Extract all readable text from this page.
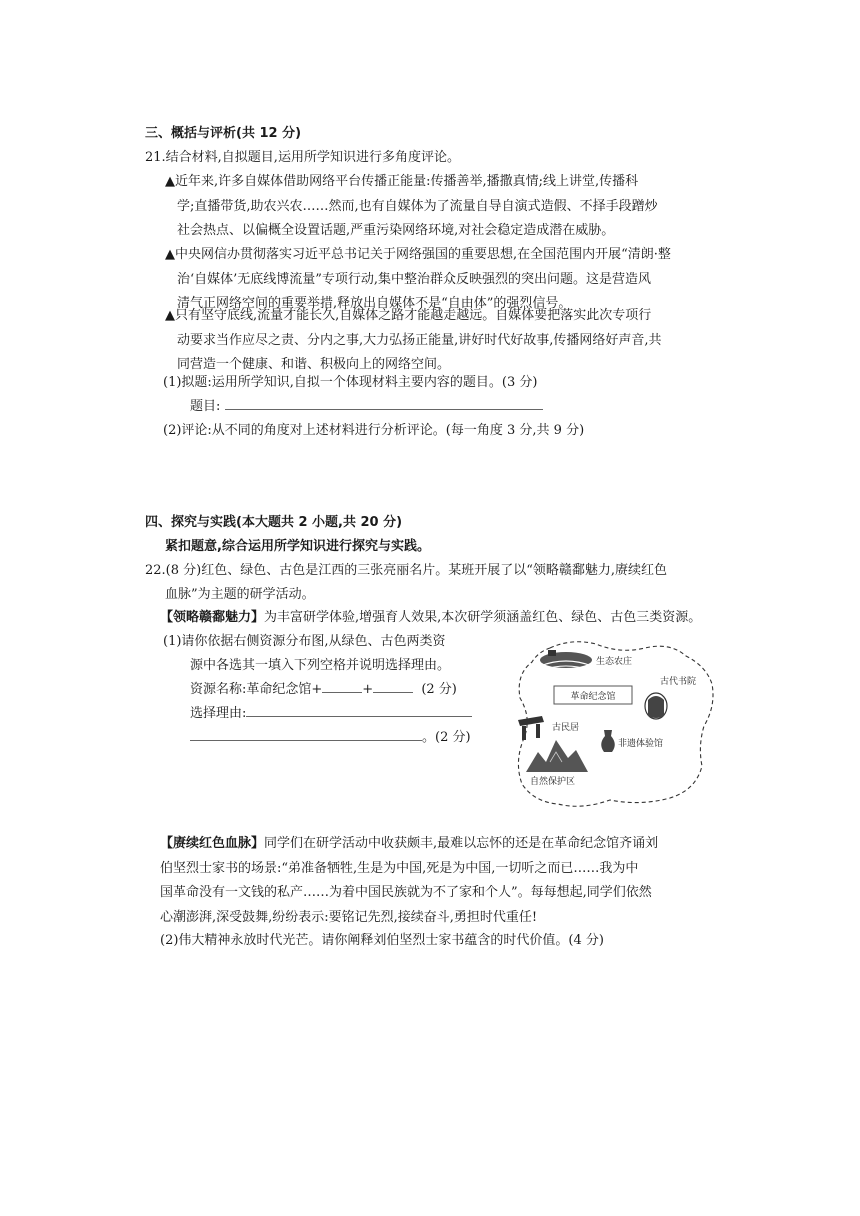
三、概括与评析(共 12 分)
21.结合材料,自拟题目,运用所学知识进行多角度评论。
▲近年来,许多自媒体借助网络平台传播正能量:传播善举,播撒真情;线上讲堂,传播科
学;直播带货,助农兴农……然而,也有自媒体为了流量自导自演式造假、不择手段蹭炒
社会热点、以偏概全设置话题,严重污染网络环境,对社会稳定造成潜在威胁。
▲中央网信办贯彻落实习近平总书记关于网络强国的重要思想,在全国范围内开展“清朗·整
治‘自媒体’无底线博流量”专项行动,集中整治群众反映强烈的突出问题。这是营造风
清气正网络空间的重要举措,释放出自媒体不是“自由体”的强烈信号。
▲只有坚守底线,流量才能长久,自媒体之路才能越走越远。自媒体要把落实此次专项行
动要求当作应尽之责、分内之事,大力弘扬正能量,讲好时代好故事,传播网络好声音,共
同营造一个健康、和谐、积极向上的网络空间。
(1)拟题:运用所学知识,自拟一个体现材料主要内容的题目。(3 分)
题目:
(2)评论:从不同的角度对上述材料进行分析评论。(每一角度 3 分,共 9 分)
四、探究与实践(本大题共 2 小题,共 20 分)
紧扣题意,综合运用所学知识进行探究与实践。
22.(8 分)红色、绿色、古色是江西的三张亮丽名片。某班开展了以“领略赣鄱魅力,赓续红色
血脉”为主题的研学活动。
【领略赣鄱魅力】为丰富研学体验,增强育人效果,本次研学须涵盖红色、绿色、古色三类资源。
(1)请你依据右侧资源分布图,从绿色、古色两类资
源中各选其一填入下列空格并说明选择理由。
资源名称:革命纪念馆+	+	(2 分)
选择理由:
。(2 分)
生态农庄
古代书院
革命纪念馆
古民居
非遗体验馆
自然保护区
【赓续红色血脉】同学们在研学活动中收获颇丰,最难以忘怀的还是在革命纪念馆齐诵刘
伯坚烈士家书的场景:“弟准备牺牲,生是为中国,死是为中国,一切听之而已……我为中
国革命没有一文钱的私产……为着中国民族就为不了家和个人”。每每想起,同学们依然
心潮澎湃,深受鼓舞,纷纷表示:要铭记先烈,接续奋斗,勇担时代重任!
(2)伟大精神永放时代光芒。请你阐释刘伯坚烈士家书蕴含的时代价值。(4 分)
